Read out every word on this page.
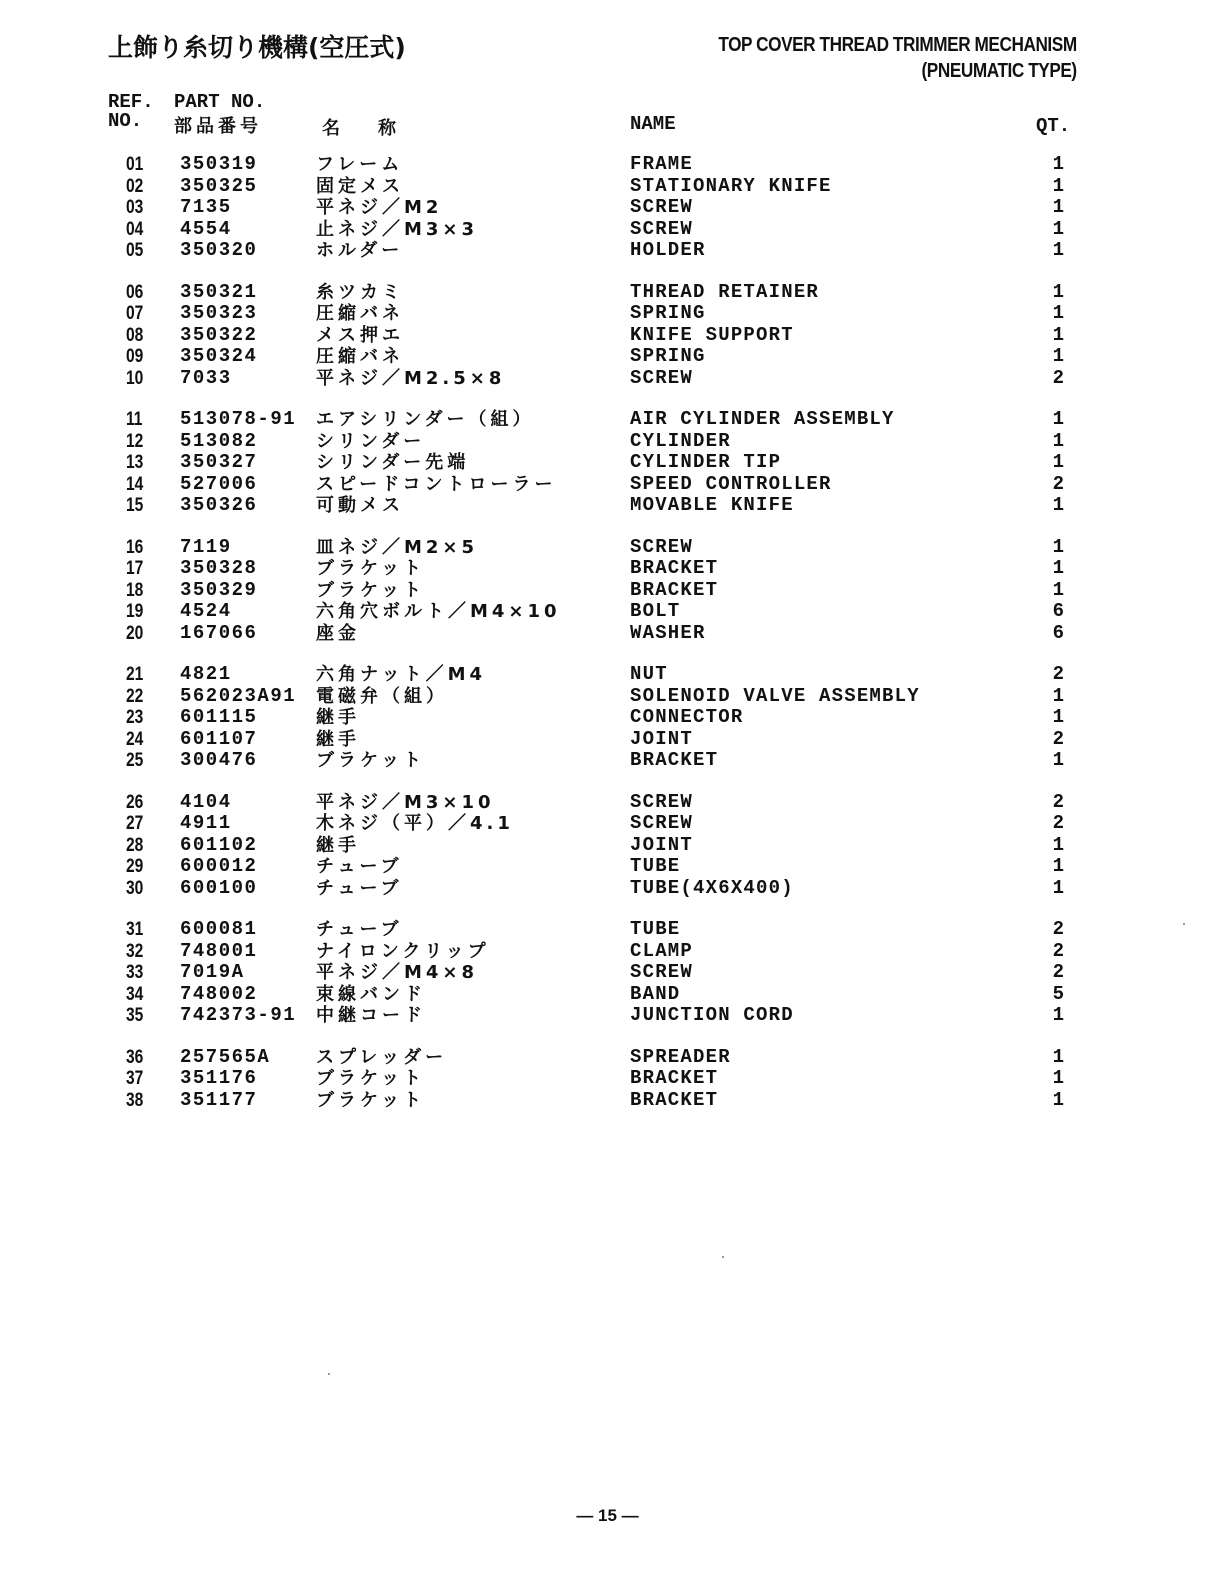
上飾り糸切り機構(空圧式)	TOP COVER THREAD TRIMMER MECHANISM
(PNEUMATIC TYPE)
REF.
NO.
PART NO.
部品番号	名　称	NAME	QT.
01 350319	フレーム	FRAME	1
02 350325	固定メス	STATIONARY KNIFE	1
03 7135	平ネジ／M2	SCREW	1
04 4554	止ネジ／M3×3	SCREW	1
05 350320	ホルダー	HOLDER	1
06 350321	糸ツカミ	THREAD RETAINER	1
07 350323	圧縮バネ	SPRING	1
08 350322	メス押エ	KNIFE SUPPORT	1
09 350324	圧縮バネ	SPRING	1
10 7033	平ネジ／M2.5×8	SCREW	2
11 513078-91 エアシリンダー（組）	AIR CYLINDER ASSEMBLY	1
12 513082	シリンダー	CYLINDER	1
13 350327	シリンダー先端	CYLINDER TIP	1
14 527006	スピードコントローラー	SPEED CONTROLLER	2
15 350326	可動メス	MOVABLE KNIFE	1
16 7119	皿ネジ／M2×5	SCREW	1
17 350328	ブラケット	BRACKET	1
18 350329	ブラケット	BRACKET	1
19 4524	六角穴ボルト／M4×10	BOLT	6
20 167066	座金	WASHER	6
21 4821	六角ナット／M4	NUT	2
22 562023A91 電磁弁（組）	SOLENOID VALVE ASSEMBLY	1
23 601115	継手	CONNECTOR	1
24 601107	継手	JOINT	2
25 300476	ブラケット	BRACKET	1
26 4104	平ネジ／M3×10	SCREW	2
27 4911	木ネジ（平）／4.1	SCREW	2
28 601102	継手	JOINT	1
29 600012	チューブ	TUBE	1
30 600100	チューブ	TUBE(4X6X400)	1
31 600081	チューブ	TUBE	2
32 748001	ナイロンクリップ	CLAMP	2
33 7019A	平ネジ／M4×8	SCREW	2
34 748002	束線バンド	BAND	5
35 742373-91 中継コード	JUNCTION CORD	1
36 257565A	スプレッダー	SPREADER	1
37 351176	ブラケット	BRACKET	1
38 351177	ブラケット	BRACKET	1
— 15 —
